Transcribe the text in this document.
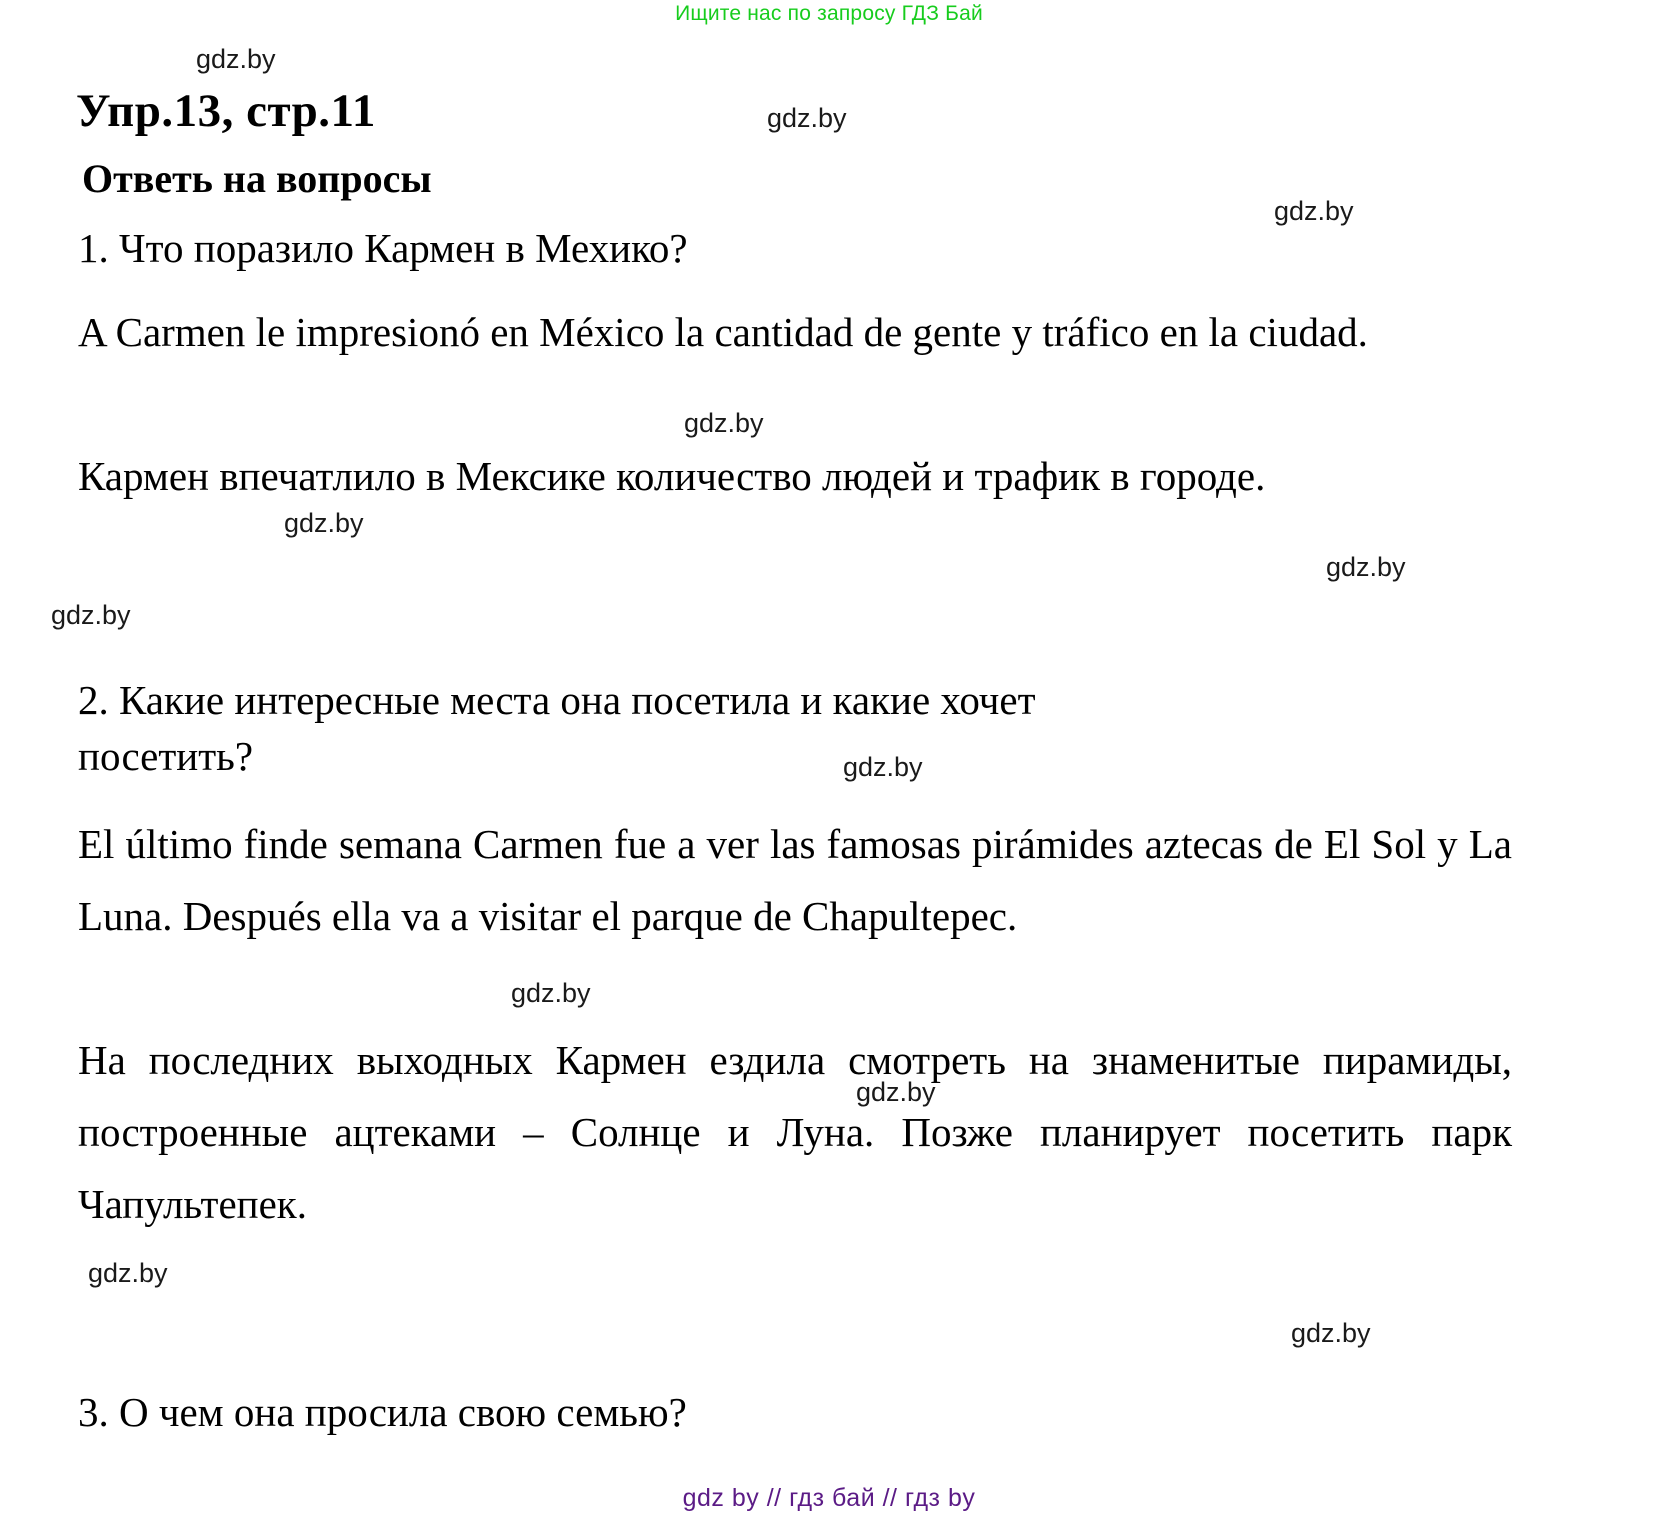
Ищите нас по запросу ГДЗ Бай
Упр.13, стр.11
Ответь на вопросы
1. Что поразило Кармен в Мехико?
A Carmen le impresionó en México la cantidad de gente y tráfico en la ciudad.
Кармен впечатлило в Мексике количество людей и трафик в городе.
2. Какие интересные места она посетила и какие хочет
посетить?
El último finde semana Carmen fue a ver las famosas pirámides aztecas de El Sol y La Luna. Después ella va a visitar el parque de Chapultepec.
На последних выходных Кармен ездила смотреть на знаменитые пирамиды, построенные ацтеками – Солнце и Луна. Позже планирует посетить парк Чапультепек.
3. О чем она просила свою семью?
gdz.by
gdz.by
gdz.by
gdz.by
gdz.by
gdz.by
gdz.by
gdz.by
gdz.by
gdz.by
gdz.by
gdz.by
gdz by // гдз бай // гдз by
